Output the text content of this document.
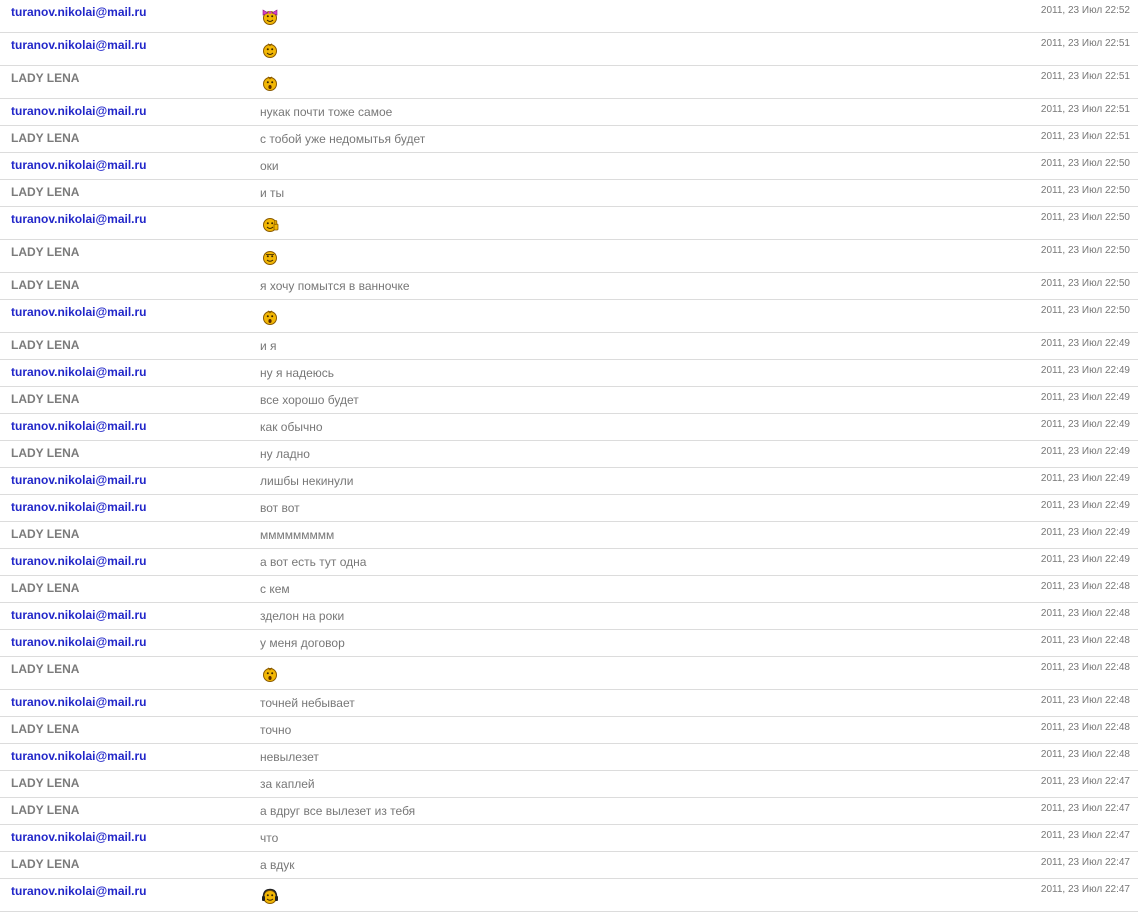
turanov.nikolai@mail.ru	2011, 23 Июл 22:52
turanov.nikolai@mail.ru	2011, 23 Июл 22:51
LADY LENA	2011, 23 Июл 22:51
turanov.nikolai@mail.ru	нукак почти тоже самое	2011, 23 Июл 22:51
LADY LENA	с тобой уже недомытья будет	2011, 23 Июл 22:51
turanov.nikolai@mail.ru	оки	2011, 23 Июл 22:50
LADY LENA	и ты	2011, 23 Июл 22:50
turanov.nikolai@mail.ru	2011, 23 Июл 22:50
LADY LENA	2011, 23 Июл 22:50
LADY LENA	я хочу помытся в ванночке	2011, 23 Июл 22:50
turanov.nikolai@mail.ru	2011, 23 Июл 22:50
LADY LENA	и я	2011, 23 Июл 22:49
turanov.nikolai@mail.ru	ну я надеюсь	2011, 23 Июл 22:49
LADY LENA	все хорошо будет	2011, 23 Июл 22:49
turanov.nikolai@mail.ru	как обычно	2011, 23 Июл 22:49
LADY LENA	ну ладно	2011, 23 Июл 22:49
turanov.nikolai@mail.ru	лишбы некинули	2011, 23 Июл 22:49
turanov.nikolai@mail.ru	вот вот	2011, 23 Июл 22:49
LADY LENA	ммммммммм	2011, 23 Июл 22:49
turanov.nikolai@mail.ru	а вот есть тут одна	2011, 23 Июл 22:49
LADY LENA	с кем	2011, 23 Июл 22:48
turanov.nikolai@mail.ru	зделон на роки	2011, 23 Июл 22:48
turanov.nikolai@mail.ru	у меня договор	2011, 23 Июл 22:48
LADY LENA	2011, 23 Июл 22:48
turanov.nikolai@mail.ru	точней небывает	2011, 23 Июл 22:48
LADY LENA	точно	2011, 23 Июл 22:48
turanov.nikolai@mail.ru	невылезет	2011, 23 Июл 22:48
LADY LENA	за каплей	2011, 23 Июл 22:47
LADY LENA	а вдруг все вылезет из тебя	2011, 23 Июл 22:47
turanov.nikolai@mail.ru	что	2011, 23 Июл 22:47
LADY LENA	а вдук	2011, 23 Июл 22:47
turanov.nikolai@mail.ru	2011, 23 Июл 22:47
